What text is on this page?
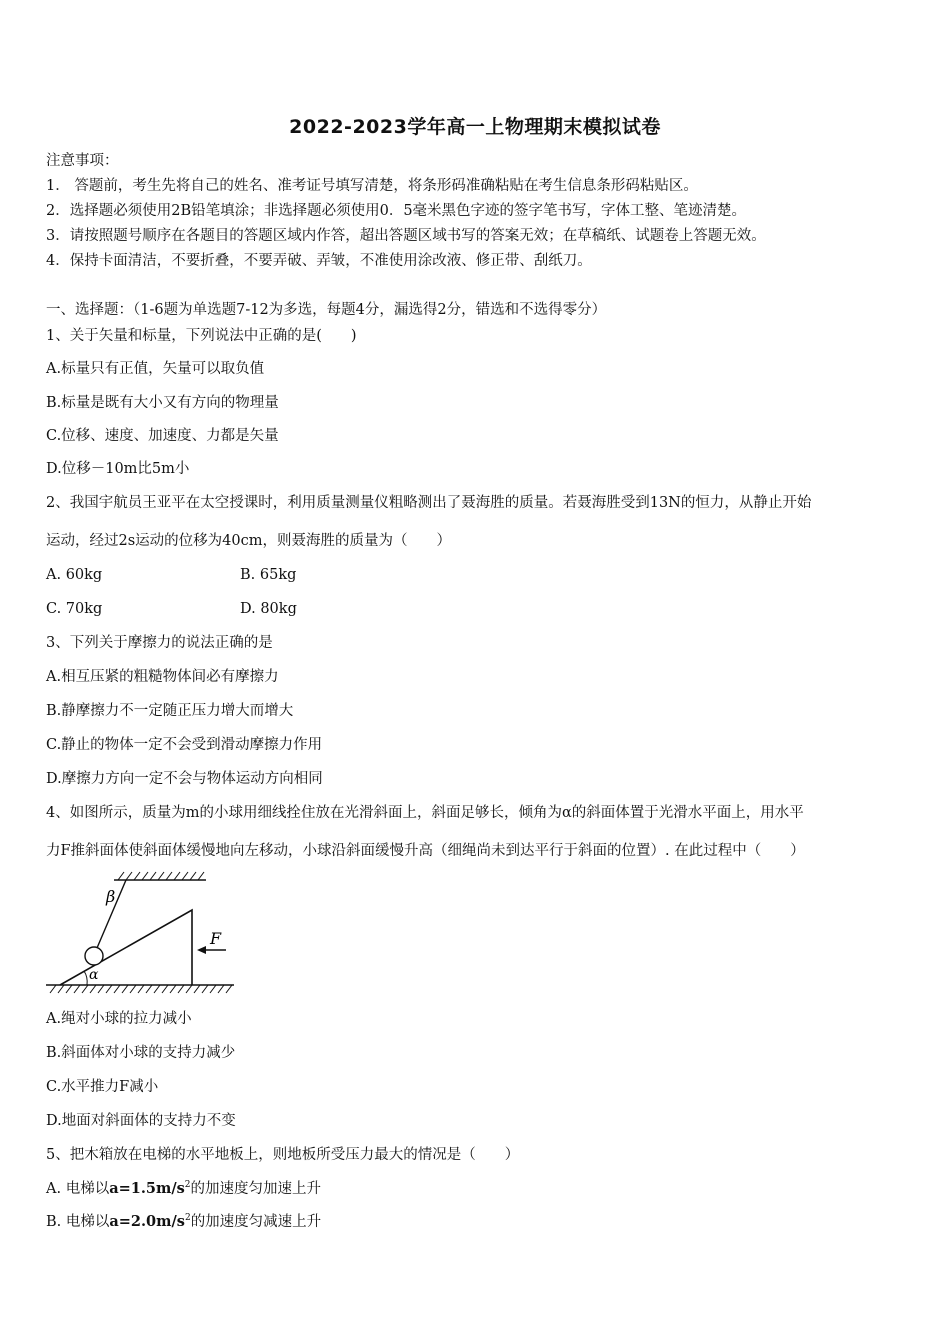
2022-2023学年高一上物理期末模拟试卷
注意事项：
1． 答题前，考生先将自己的姓名、准考证号填写清楚，将条形码准确粘贴在考生信息条形码粘贴区。
2．选择题必须使用2B铅笔填涂；非选择题必须使用0．5毫米黑色字迹的签字笔书写，字体工整、笔迹清楚。
3．请按照题号顺序在各题目的答题区域内作答，超出答题区域书写的答案无效；在草稿纸、试题卷上答题无效。
4．保持卡面清洁，不要折叠，不要弄破、弄皱，不准使用涂改液、修正带、刮纸刀。
一、选择题：（1-6题为单选题7-12为多选，每题4分，漏选得2分，错选和不选得零分）
1、关于矢量和标量，下列说法中正确的是(　　)
A.标量只有正值，矢量可以取负值
B.标量是既有大小又有方向的物理量
C.位移、速度、加速度、力都是矢量
D.位移－10m比5m小
2、我国宇航员王亚平在太空授课时，利用质量测量仪粗略测出了聂海胜的质量。若聂海胜受到13N的恒力，从静止开始
运动，经过2s运动的位移为40cm，则聂海胜的质量为（　　）
A. 60kg	B. 65kg
C. 70kg	D. 80kg
3、下列关于摩擦力的说法正确的是
A.相互压紧的粗糙物体间必有摩擦力
B.静摩擦力不一定随正压力增大而增大
C.静止的物体一定不会受到滑动摩擦力作用
D.摩擦力方向一定不会与物体运动方向相同
4、如图所示，质量为m的小球用细线拴住放在光滑斜面上，斜面足够长，倾角为α的斜面体置于光滑水平面上，用水平
力F推斜面体使斜面体缓慢地向左移动，小球沿斜面缓慢升高（细绳尚未到达平行于斜面的位置）. 在此过程中（　　）
β
α
F
A.绳对小球的拉力减小
B.斜面体对小球的支持力减少
C.水平推力F减小
D.地面对斜面体的支持力不变
5、把木箱放在电梯的水平地板上，则地板所受压力最大的情况是（　　）
A. 电梯以$a=1.5m/s^2$的加速度匀加速上升
B. 电梯以$a=2.0m/s^2$的加速度匀减速上升
